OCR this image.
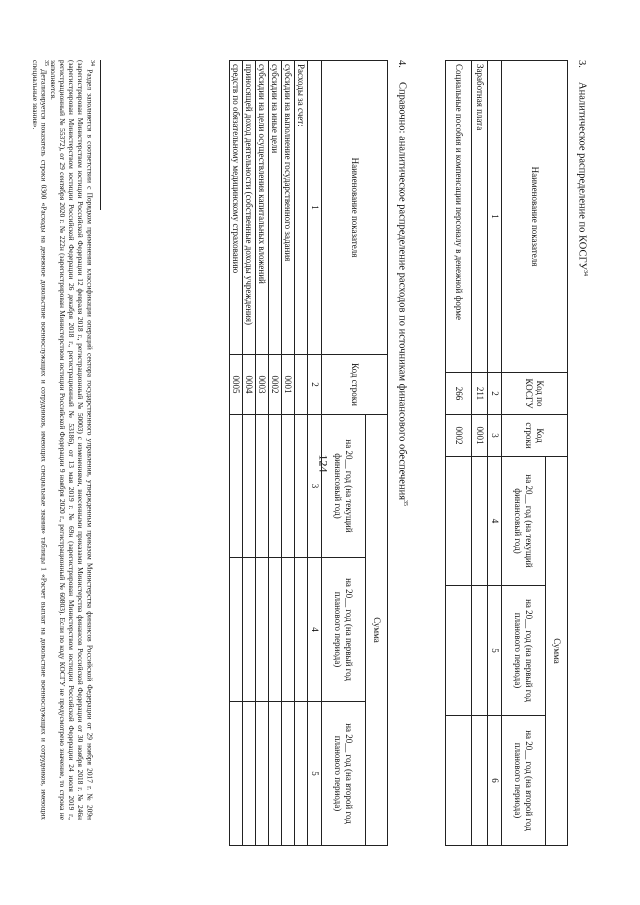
124
3.Аналитическое распределение по КОСГУ$^{34}$
Наименование показателя	Код по КОСГУ	Код строки	Сумма		
			на 20__ год (на текущий финансовый год)	на 20__ год (на первый год планового периода)	на 20__ год (на второй год планового периода)
1	2	3	4	5	6
Заработная плата	211	0001			
Социальные пособия и компенсации персоналу в денежной форме	266	0002			
4.Справочно: аналитическое распределение расходов по источникам финансового обеспечения$^{35}$
Наименование показателя	Код строки	Сумма		
		на 20__ год (на текущий финансовый год)	на 20__ год (на первый год планового периода)	на 20__ год (на второй год планового периода)
1	2	3	4	5
Расходы за счет:				
субсидии на выполнение государственного задания	0001			
субсидии на иные цели	0002			
субсидии на цели осуществления капитальных вложений	0003			
приносящей доход деятельности (собственные доходы учреждения)	0004			
средств по обязательному медицинскому страхованию	0005			

$^{34}$ Раздел заполняется в соответствии с Порядком применения классификации операций сектора государственного управления, утвержденным приказом Министерства финансов Российской Федерации от 29 ноября 2017 г. № 209н (зарегистрирован Министерством юстиции Российской Федерации 12 февраля 2018 г., регистрационный № 50003) с изменениями, внесенными приказами Министерства финансов Российской Федерации от 30 ноября 2018 г. № 246н (зарегистрирован Министерством юстиции Российской Федерации 26 декабря 2018 г., регистрационный № 53186), от 13 мая 2019 г. № 69н (зарегистрирован Министерством юстиции Российской Федерации 24 июля 2019 г., регистрационный № 55372), от 29 сентября 2020 г. № 222н (зарегистрирован Министерством юстиции Российской Федерации 9 ноября 2020 г., регистрационный № 60803). Если по коду КОСГУ не предусмотрено значение, то строка не заполняется.

$^{35}$ Детализируется показатель строки 0300 «Расходы на денежное довольствие военнослужащих и сотрудников, имеющих специальные звания» таблицы 1 «Расчет выплат на довольствие военнослужащих и сотрудников, имеющих специальные звания».
